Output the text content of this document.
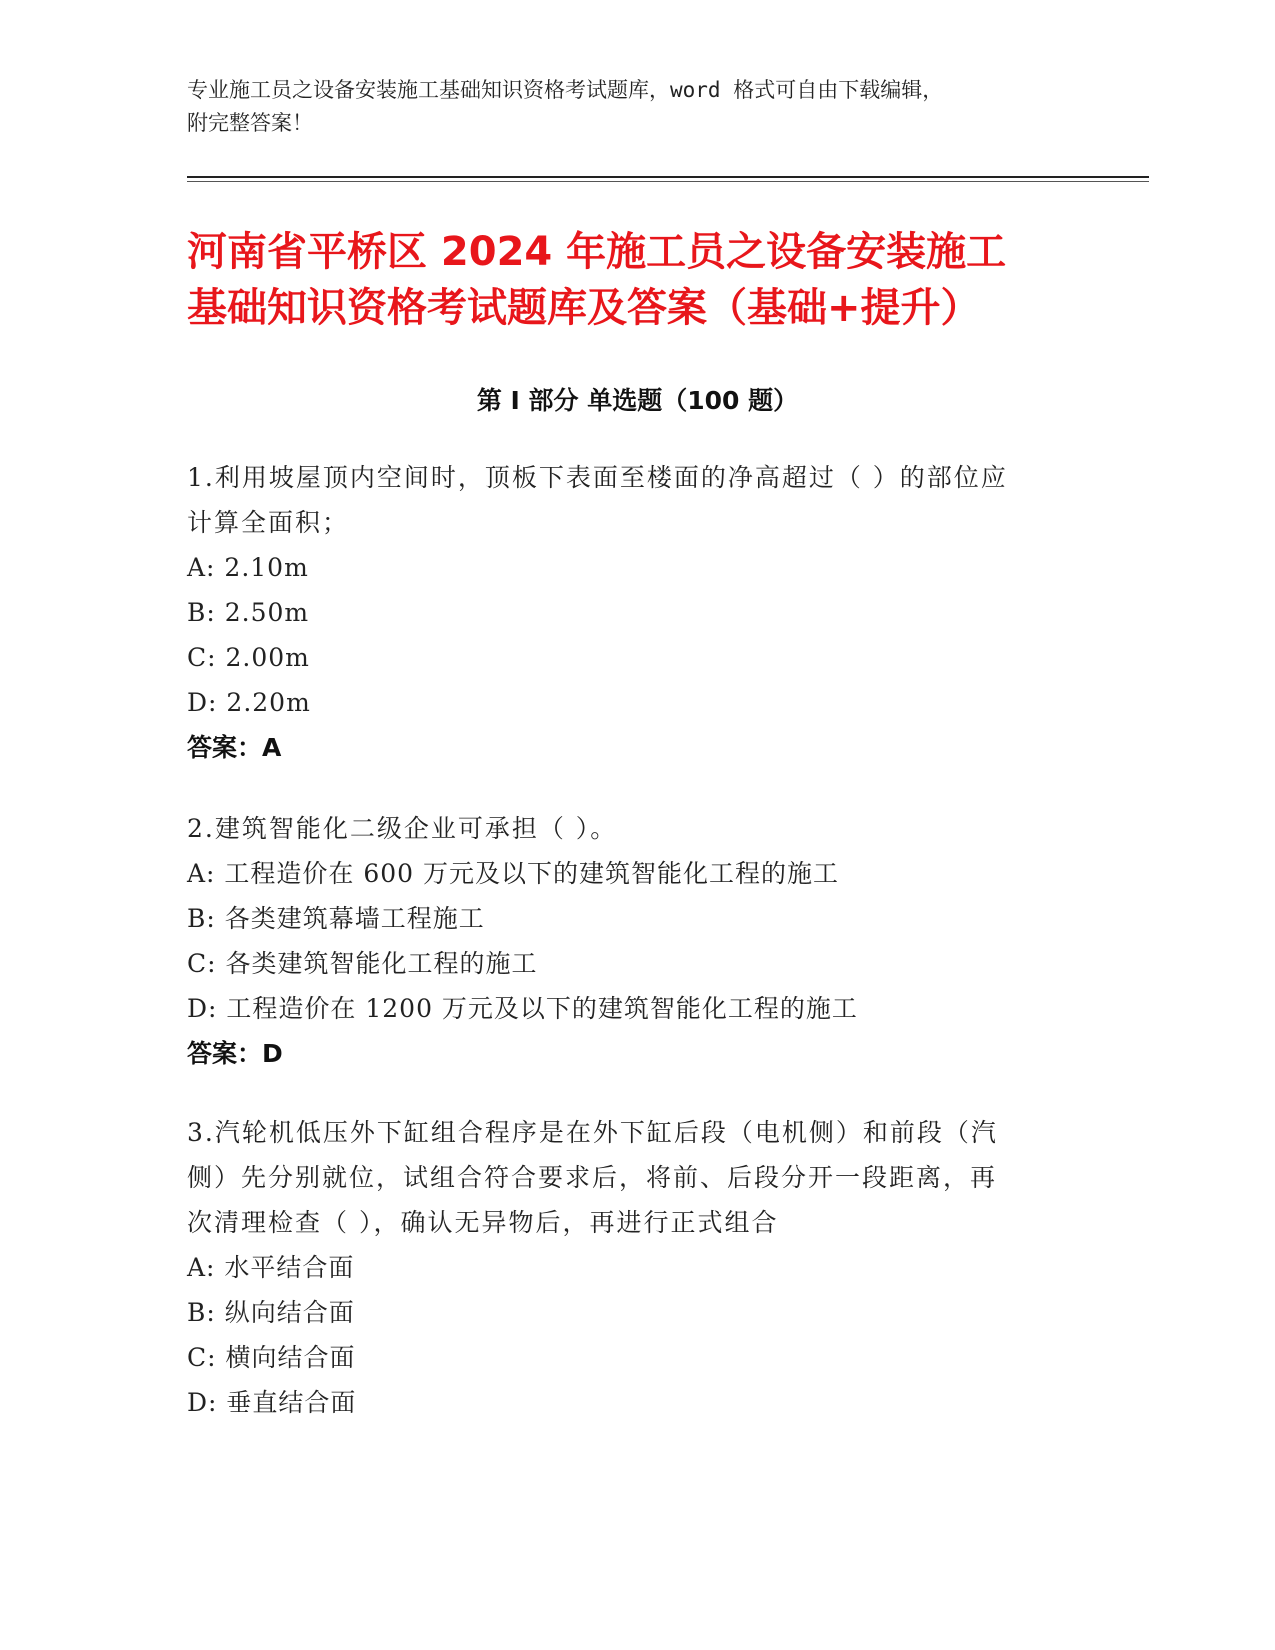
专业施工员之设备安装施工基础知识资格考试题库，word 格式可自由下载编辑，
附完整答案！
河南省平桥区 2024 年施工员之设备安装施工
基础知识资格考试题库及答案（基础+提升）
第 I 部分 单选题（100 题）
1.利用坡屋顶内空间时，顶板下表面至楼面的净高超过（ ）的部位应
计算全面积；
A: 2.10m
B: 2.50m
C: 2.00m
D: 2.20m
答案：A
2.建筑智能化二级企业可承担（ ）。
A: 工程造价在 600 万元及以下的建筑智能化工程的施工
B: 各类建筑幕墙工程施工
C: 各类建筑智能化工程的施工
D: 工程造价在 1200 万元及以下的建筑智能化工程的施工
答案：D
3.汽轮机低压外下缸组合程序是在外下缸后段（电机侧）和前段（汽
侧）先分别就位，试组合符合要求后，将前、后段分开一段距离，再
次清理检查（ ），确认无异物后，再进行正式组合
A: 水平结合面
B: 纵向结合面
C: 横向结合面
D: 垂直结合面
